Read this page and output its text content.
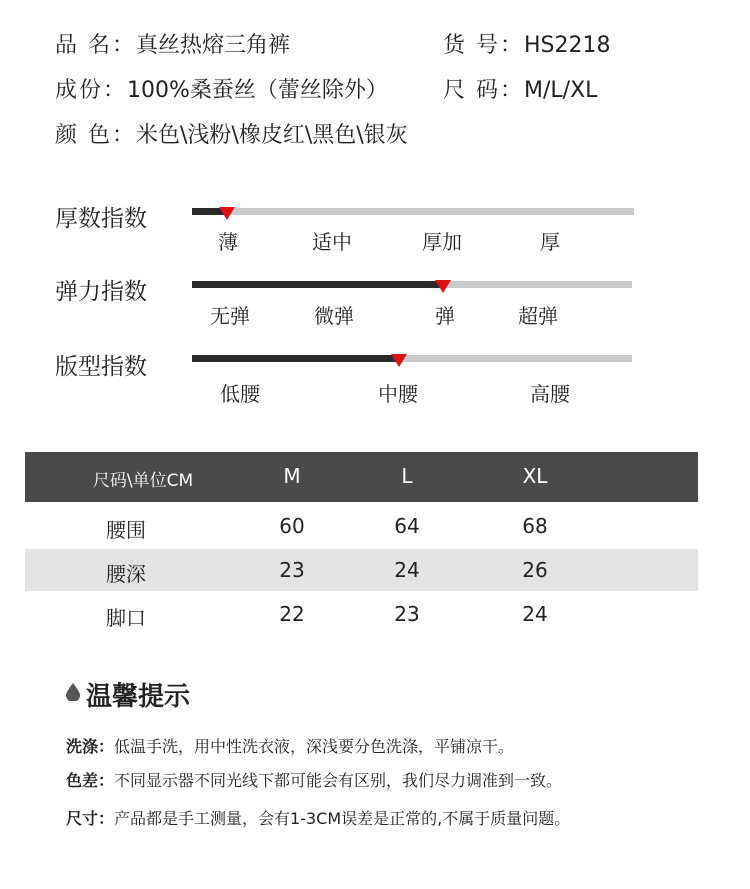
品 名：真丝热熔三角裤	货 号：HS2218
成份：100%桑蚕丝（蕾丝除外）	尺 码：M/L/XL
颜 色：米色\浅粉\橡皮红\黑色\银灰
厚数指数
薄	适中	厚加	厚
弹力指数
无弹	微弹	弹	超弹
版型指数
低腰	中腰	高腰
尺码\单位CM	M	L	XL
腰围	60	64	68
腰深	23	24	26
脚口	22	23	24
温馨提示
洗涤：低温手洗，用中性洗衣液，深浅要分色洗涤，平铺凉干。
色差：不同显示器不同光线下都可能会有区别，我们尽力调准到一致。
尺寸：产品都是手工测量，会有1-3CM误差是正常的,不属于质量问题。
